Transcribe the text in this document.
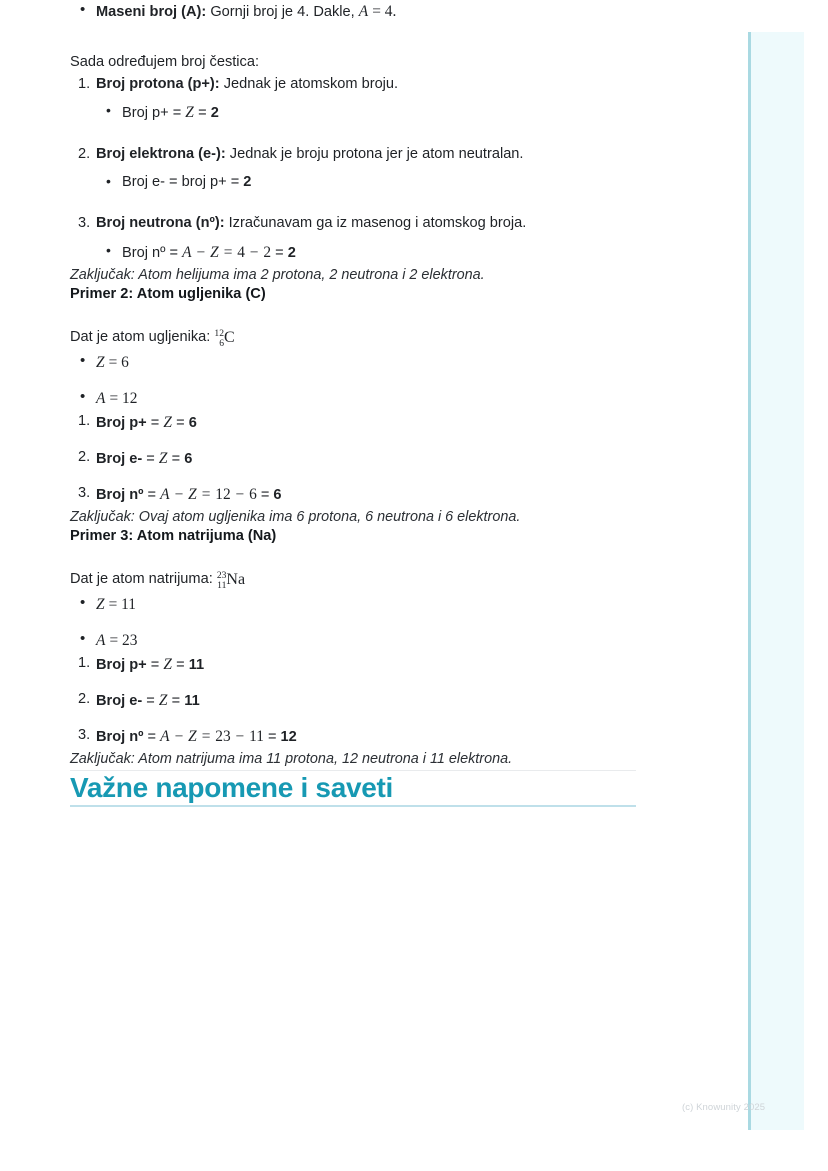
• Maseni broj (A): Gornji broj je 4. Dakle, A = 4.

Sada određujem broj čestica:

1. Broj protona (p+): Jednak je atomskom broju.
• Broj p+ = Z = 2
2. Broj elektrona (e-): Jednak je broju protona jer je atom neutralan.
• Broj e- = broj p+ = 2
3. Broj neutrona (nº): Izračunavam ga iz masenog i atomskog broja.
• Broj nº = A − Z = 4 − 2 = 2

Zaključak: Atom helijuma ima 2 protona, 2 neutrona i 2 elektrona.

Primer 2: Atom ugljenika (C)

Dat je atom ugljenika: 12
6 C

• Z = 6
• A = 12
1. Broj p+ = Z = 6
2. Broj e- = Z = 6
3. Broj nº = A − Z = 12 − 6 = 6

Zaključak: Ovaj atom ugljenika ima 6 protona, 6 neutrona i 6 elektrona.

Primer 3: Atom natrijuma (Na)

Dat je atom natrijuma: 23
11 Na

• Z = 11
• A = 23
1. Broj p+ = Z = 11
2. Broj e- = Z = 11
3. Broj nº = A − Z = 23 − 11 = 12

Zaključak: Atom natrijuma ima 11 protona, 12 neutrona i 11 elektrona.

Važne napomene i saveti
(c) Knowunity 2025
